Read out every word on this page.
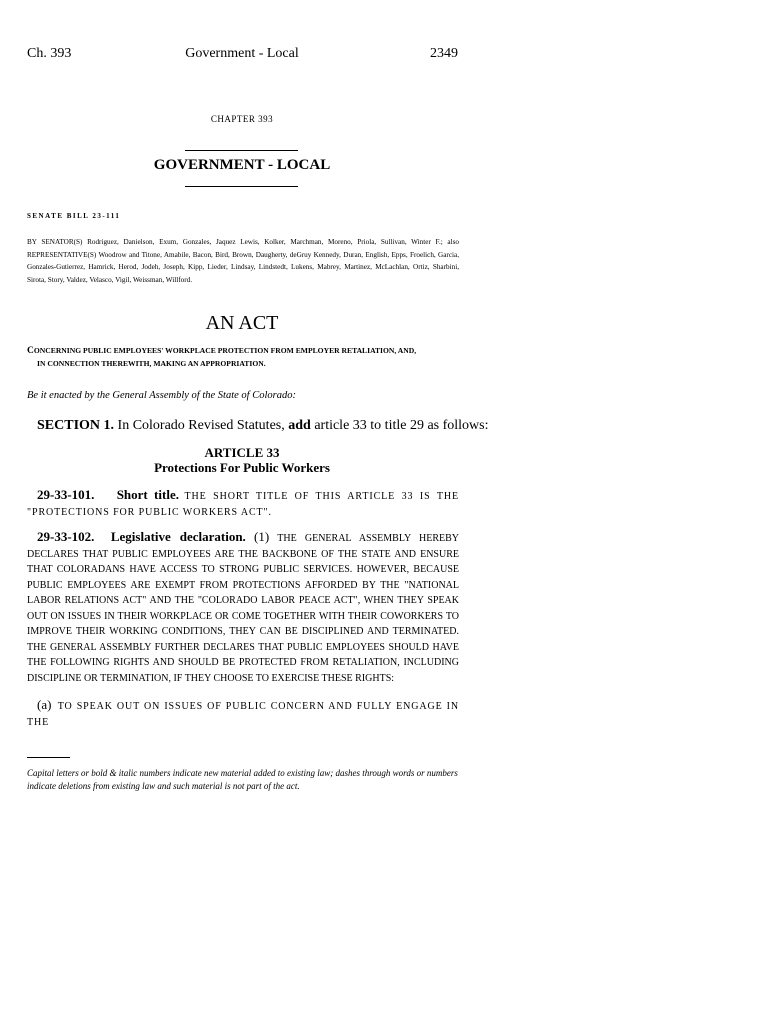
Ch. 393	Government - Local	2349
CHAPTER 393
GOVERNMENT - LOCAL
SENATE BILL 23-111
BY SENATOR(S) Rodriguez, Danielson, Exum, Gonzales, Jaquez Lewis, Kolker, Marchman, Moreno, Priola, Sullivan, Winter F.; also REPRESENTATIVE(S) Woodrow and Titone, Amabile, Bacon, Bird, Brown, Daugherty, deGruy Kennedy, Duran, English, Epps, Froelich, Garcia, Gonzales-Gutierrez, Hamrick, Herod, Jodeh, Joseph, Kipp, Lieder, Lindsay, Lindstedt, Lukens, Mabrey, Martinez, McLachlan, Ortiz, Sharbini, Sirota, Story, Valdez, Velasco, Vigil, Weissman, Willford.
AN ACT
CONCERNING PUBLIC EMPLOYEES' WORKPLACE PROTECTION FROM EMPLOYER RETALIATION, AND,
IN CONNECTION THEREWITH, MAKING AN APPROPRIATION.
Be it enacted by the General Assembly of the State of Colorado:
SECTION 1. In Colorado Revised Statutes, add article 33 to title 29 as follows:
ARTICLE 33
Protections For Public Workers
29-33-101. Short title. THE SHORT TITLE OF THIS ARTICLE 33 IS THE "PROTECTIONS FOR PUBLIC WORKERS ACT".
29-33-102. Legislative declaration. (1) THE GENERAL ASSEMBLY HEREBY DECLARES THAT PUBLIC EMPLOYEES ARE THE BACKBONE OF THE STATE AND ENSURE THAT COLORADANS HAVE ACCESS TO STRONG PUBLIC SERVICES. HOWEVER, BECAUSE PUBLIC EMPLOYEES ARE EXEMPT FROM PROTECTIONS AFFORDED BY THE "NATIONAL LABOR RELATIONS ACT" AND THE "COLORADO LABOR PEACE ACT", WHEN THEY SPEAK OUT ON ISSUES IN THEIR WORKPLACE OR COME TOGETHER WITH THEIR COWORKERS TO IMPROVE THEIR WORKING CONDITIONS, THEY CAN BE DISCIPLINED AND TERMINATED. THE GENERAL ASSEMBLY FURTHER DECLARES THAT PUBLIC EMPLOYEES SHOULD HAVE THE FOLLOWING RIGHTS AND SHOULD BE PROTECTED FROM RETALIATION, INCLUDING DISCIPLINE OR TERMINATION, IF THEY CHOOSE TO EXERCISE THESE RIGHTS:
(a) TO SPEAK OUT ON ISSUES OF PUBLIC CONCERN AND FULLY ENGAGE IN THE
Capital letters or bold & italic numbers indicate new material added to existing law; dashes through words or numbers indicate deletions from existing law and such material is not part of the act.
